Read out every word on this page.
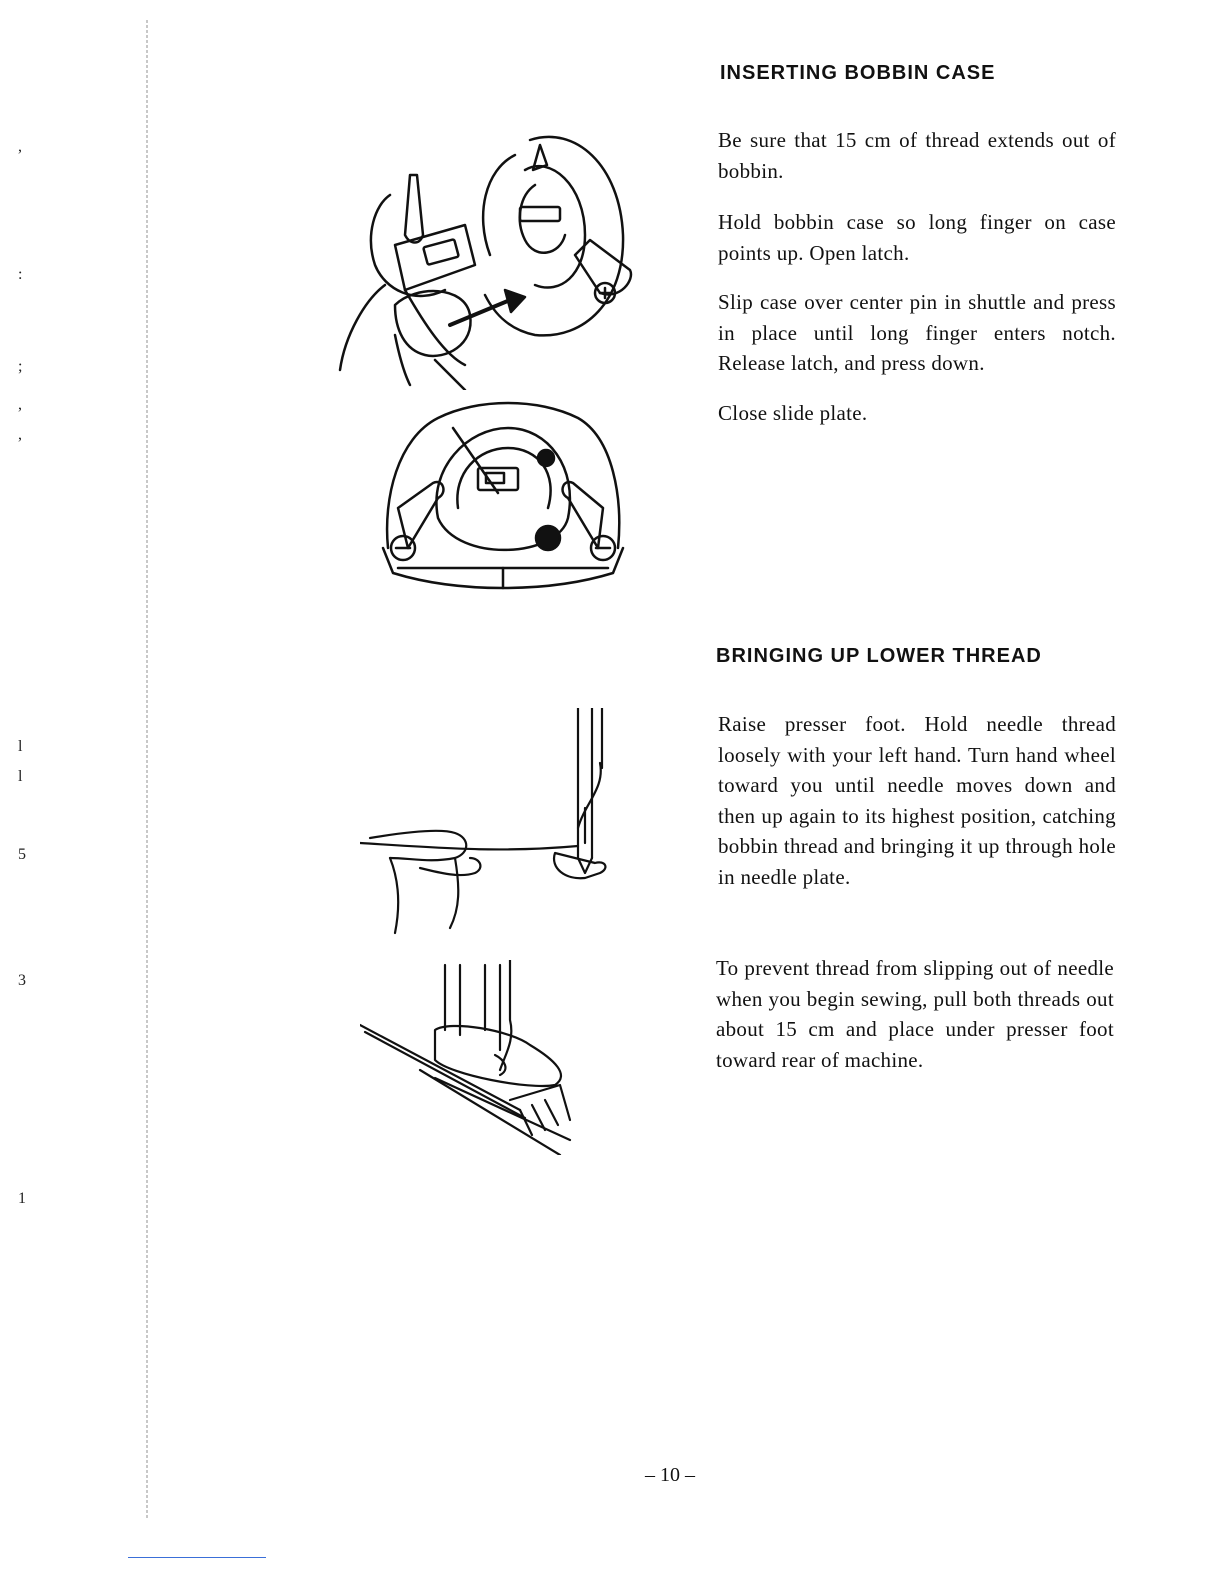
,
:
;
,
,
l
l
5
3
1
INSERTING BOBBIN CASE

Be sure that 15 cm of thread extends out of bobbin.

Hold bobbin case so long finger on case points up. Open latch.

Slip case over center pin in shuttle and press in place until long finger enters notch. Release latch, and press down.

Close slide plate.

BRINGING UP LOWER THREAD

Raise presser foot. Hold needle thread loosely with your left hand. Turn hand wheel toward you until needle moves down and then up again to its highest position, catching bobbin thread and bringing it up through hole in needle plate.

To prevent thread from slipping out of needle when you begin sewing, pull both threads out about 15 cm and place under presser foot toward rear of machine.

– 10 –
